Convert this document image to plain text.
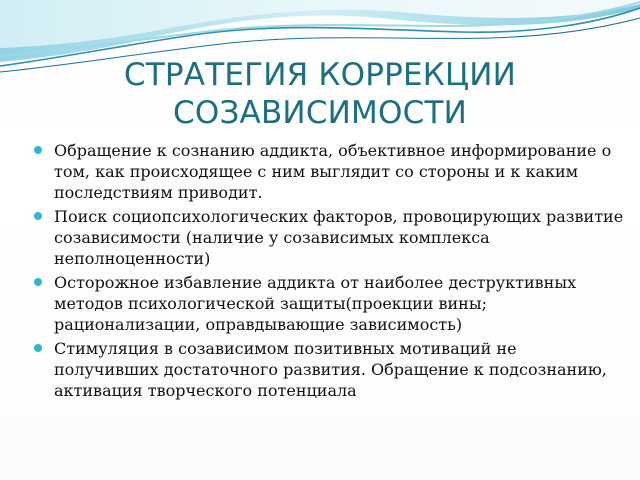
СТРАТЕГИЯ КОРРЕКЦИИ
СОЗАВИСИМОСТИ
Обращение к сознанию аддикта, объективное информирование о том, как происходящее с ним выглядит со стороны и к каким последствиям приводит.
Поиск социопсихологических факторов, провоцирующих развитие созависимости (наличие у созависимых комплекса неполноценности)
Осторожное избавление аддикта от наиболее деструктивных методов психологической защиты(проекции вины; рационализации, оправдывающие зависимость)
Стимуляция в созависимом позитивных мотиваций не получивших достаточного развития. Обращение к подсознанию, активация творческого потенциала
